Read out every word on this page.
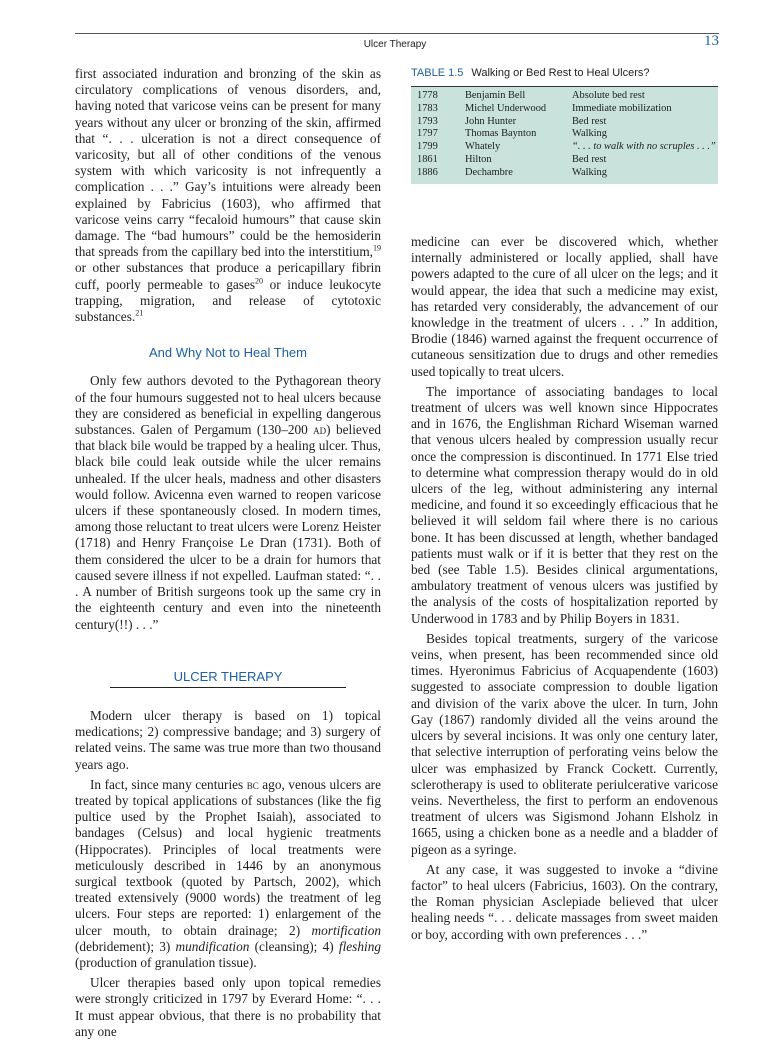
Ulcer Therapy	13

first associated induration and bronzing of the skin as circulatory complications of venous disorders, and, having noted that varicose veins can be present for many years without any ulcer or bronzing of the skin, affirmed that “. . . ulceration is not a direct consequence of varicosity, but all of other conditions of the venous system with which varicosity is not infrequently a complication . . .” Gay’s intuitions were already been explained by Fabricius (1603), who affirmed that varicose veins carry “fecaloid humours” that cause skin damage. The “bad humours” could be the hemosiderin that spreads from the capillary bed into the interstitium,$^{19}$ or other substances that produce a pericapillary fibrin cuff, poorly permeable to gases$^{20}$ or induce leukocyte trapping, migration, and release of cytotoxic substances.$^{21}$

And Why Not to Heal Them

Only few authors devoted to the Pythagorean theory of the four humours suggested not to heal ulcers because they are considered as beneficial in expelling dangerous substances. Galen of Pergamum (130–200 ad) believed that black bile would be trapped by a healing ulcer. Thus, black bile could leak outside while the ulcer remains unhealed. If the ulcer heals, madness and other disasters would follow. Avicenna even warned to reopen varicose ulcers if these spontaneously closed. In modern times, among those reluctant to treat ulcers were Lorenz Heister (1718) and Henry Françoise Le Dran (1731). Both of them considered the ulcer to be a drain for humors that caused severe illness if not expelled. Laufman stated: “. . . A number of British surgeons took up the same cry in the eighteenth century and even into the nineteenth century(!!) . . .”

ULCER THERAPY

Modern ulcer therapy is based on 1) topical medications; 2) compressive bandage; and 3) surgery of related veins. The same was true more than two thousand years ago.

In fact, since many centuries bc ago, venous ulcers are treated by topical applications of substances (like the fig pultice used by the Prophet Isaiah), associated to bandages (Celsus) and local hygienic treatments (Hippocrates). Principles of local treatments were meticulously described in 1446 by an anonymous surgical textbook (quoted by Partsch, 2002), which treated extensively (9000 words) the treatment of leg ulcers. Four steps are reported: 1) enlargement of the ulcer mouth, to obtain drainage; 2) mortification (debridement); 3) mundification (cleansing); 4) fleshing (production of granulation tissue).

Ulcer therapies based only upon topical remedies were strongly criticized in 1797 by Everard Home: “. . . It must appear obvious, that there is no probability that any one

TABLE 1.5 Walking or Bed Rest to Heal Ulcers?
1778	Benjamin Bell	Absolute bed rest
1783	Michel Underwood	Immediate mobilization
1793	John Hunter	Bed rest
1797	Thomas Baynton	Walking
1799	Whately	“. . . to walk with no scruples . . .”
1861	Hilton	Bed rest
1886	Dechambre	Walking

medicine can ever be discovered which, whether internally administered or locally applied, shall have powers adapted to the cure of all ulcer on the legs; and it would appear, the idea that such a medicine may exist, has retarded very considerably, the advancement of our knowledge in the treatment of ulcers . . .” In addition, Brodie (1846) warned against the frequent occurrence of cutaneous sensitization due to drugs and other remedies used topically to treat ulcers.

The importance of associating bandages to local treatment of ulcers was well known since Hippocrates and in 1676, the Englishman Richard Wiseman warned that venous ulcers healed by compression usually recur once the compression is discontinued. In 1771 Else tried to determine what compression therapy would do in old ulcers of the leg, without administering any internal medicine, and found it so exceedingly efficacious that he believed it will seldom fail where there is no carious bone. It has been discussed at length, whether bandaged patients must walk or if it is better that they rest on the bed (see Table 1.5). Besides clinical argumentations, ambulatory treatment of venous ulcers was justified by the analysis of the costs of hospitalization reported by Underwood in 1783 and by Philip Boyers in 1831.

Besides topical treatments, surgery of the varicose veins, when present, has been recommended since old times. Hyeronimus Fabricius of Acquapendente (1603) suggested to associate compression to double ligation and division of the varix above the ulcer. In turn, John Gay (1867) randomly divided all the veins around the ulcers by several incisions. It was only one century later, that selective interruption of perforating veins below the ulcer was emphasized by Franck Cockett. Currently, sclerotherapy is used to obliterate periulcerative varicose veins. Nevertheless, the first to perform an endovenous treatment of ulcers was Sigismond Johann Elsholz in 1665, using a chicken bone as a needle and a bladder of pigeon as a syringe.

At any case, it was suggested to invoke a “divine factor” to heal ulcers (Fabricius, 1603). On the contrary, the Roman physician Asclepiade believed that ulcer healing needs “. . . delicate massages from sweet maiden or boy, according with own preferences . . .”
